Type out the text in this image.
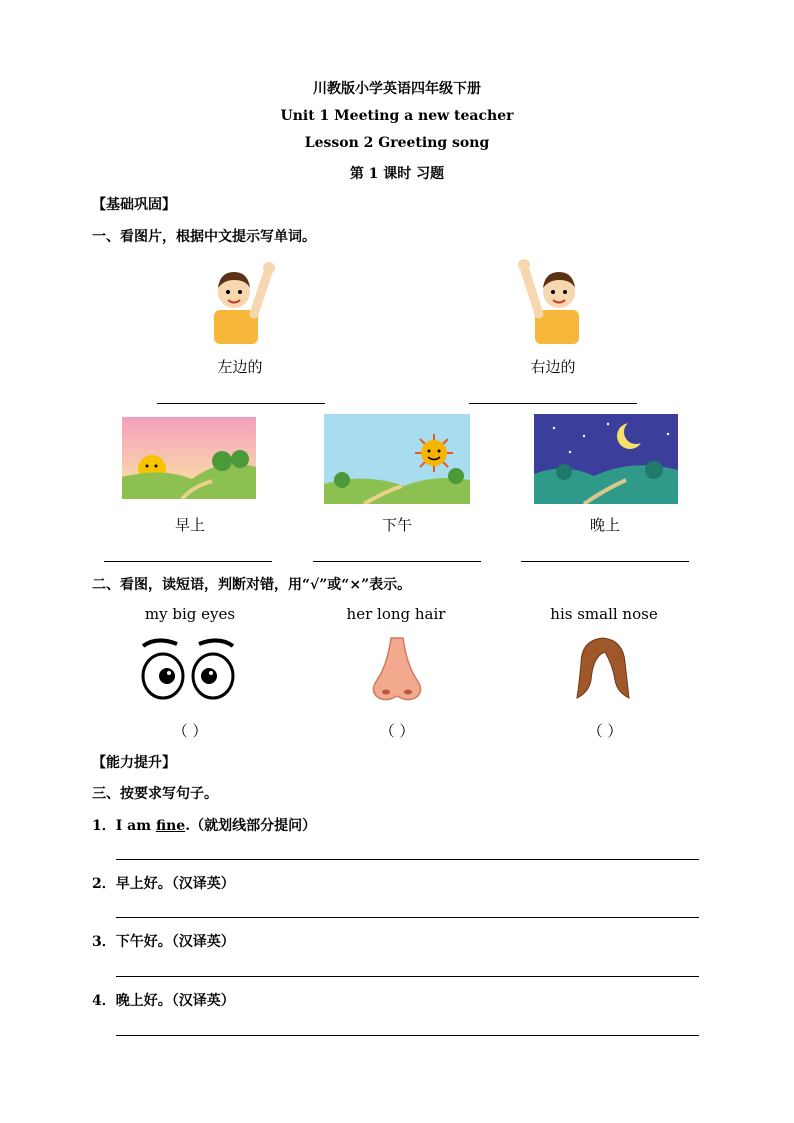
川教版小学英语四年级下册
Unit 1 Meeting a new teacher
Lesson 2 Greeting song
第 1 课时 习题
【基础巩固】
一、看图片，根据中文提示写单词。
左边的	右边的
早上	下午	晚上
二、看图，读短语，判断对错，用“√”或“×”表示。
my big eyes	her long hair	his small nose
（ ）	（ ）	（ ）
【能力提升】
三、按要求写句子。
1．I am fine.（就划线部分提问）
2．早上好。（汉译英）
3．下午好。（汉译英）
4．晚上好。（汉译英）
